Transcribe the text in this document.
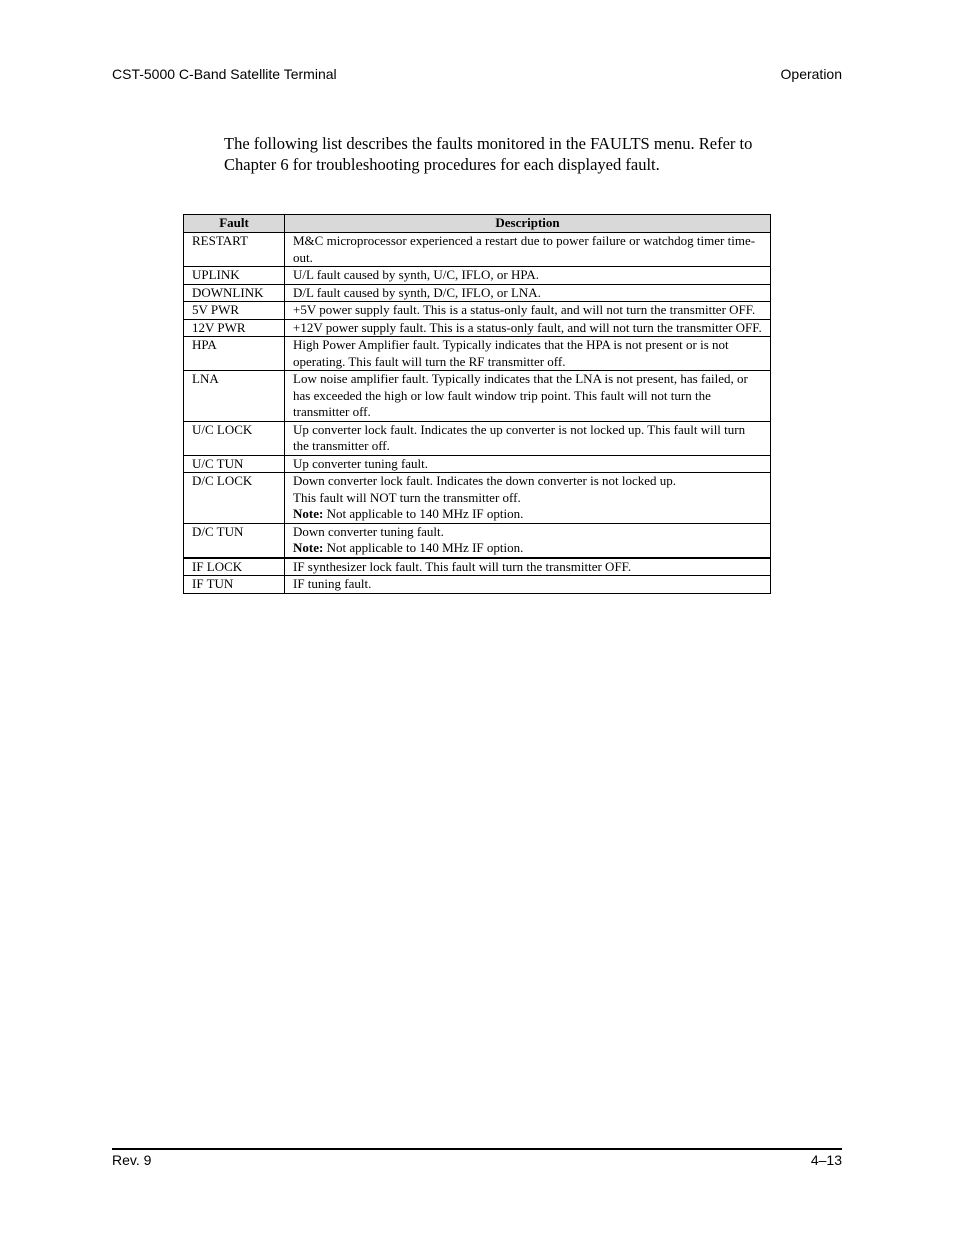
CST-5000 C-Band Satellite Terminal	Operation

The following list describes the faults monitored in the FAULTS menu. Refer to Chapter 6 for troubleshooting procedures for each displayed fault.

Fault	Description
RESTART	M&C microprocessor experienced a restart due to power failure or watchdog timer time-out.

UPLINK	U/L fault caused by synth, U/C, IFLO, or HPA.

DOWNLINK	D/L fault caused by synth, D/C, IFLO, or LNA.

5V PWR	+5V power supply fault. This is a status-only fault, and will not turn the transmitter OFF.

12V PWR	+12V power supply fault. This is a status-only fault, and will not turn the transmitter OFF.

HPA	High Power Amplifier fault. Typically indicates that the HPA is not present or is not operating. This fault will turn the RF transmitter off.

LNA	Low noise amplifier fault. Typically indicates that the LNA is not present, has failed, or has exceeded the high or low fault window trip point. This fault will not turn the transmitter off.

U/C LOCK	Up converter lock fault. Indicates the up converter is not locked up. This fault will turn the transmitter off.

U/C TUN	Up converter tuning fault.

D/C LOCK	Down converter lock fault. Indicates the down converter is not locked up.
This fault will NOT turn the transmitter off.
Note: Not applicable to 140 MHz IF option.

D/C TUN	Down converter tuning fault.
Note: Not applicable to 140 MHz IF option.

IF LOCK	IF synthesizer lock fault. This fault will turn the transmitter OFF.

IF TUN	IF tuning fault.
Rev. 9	4–13
